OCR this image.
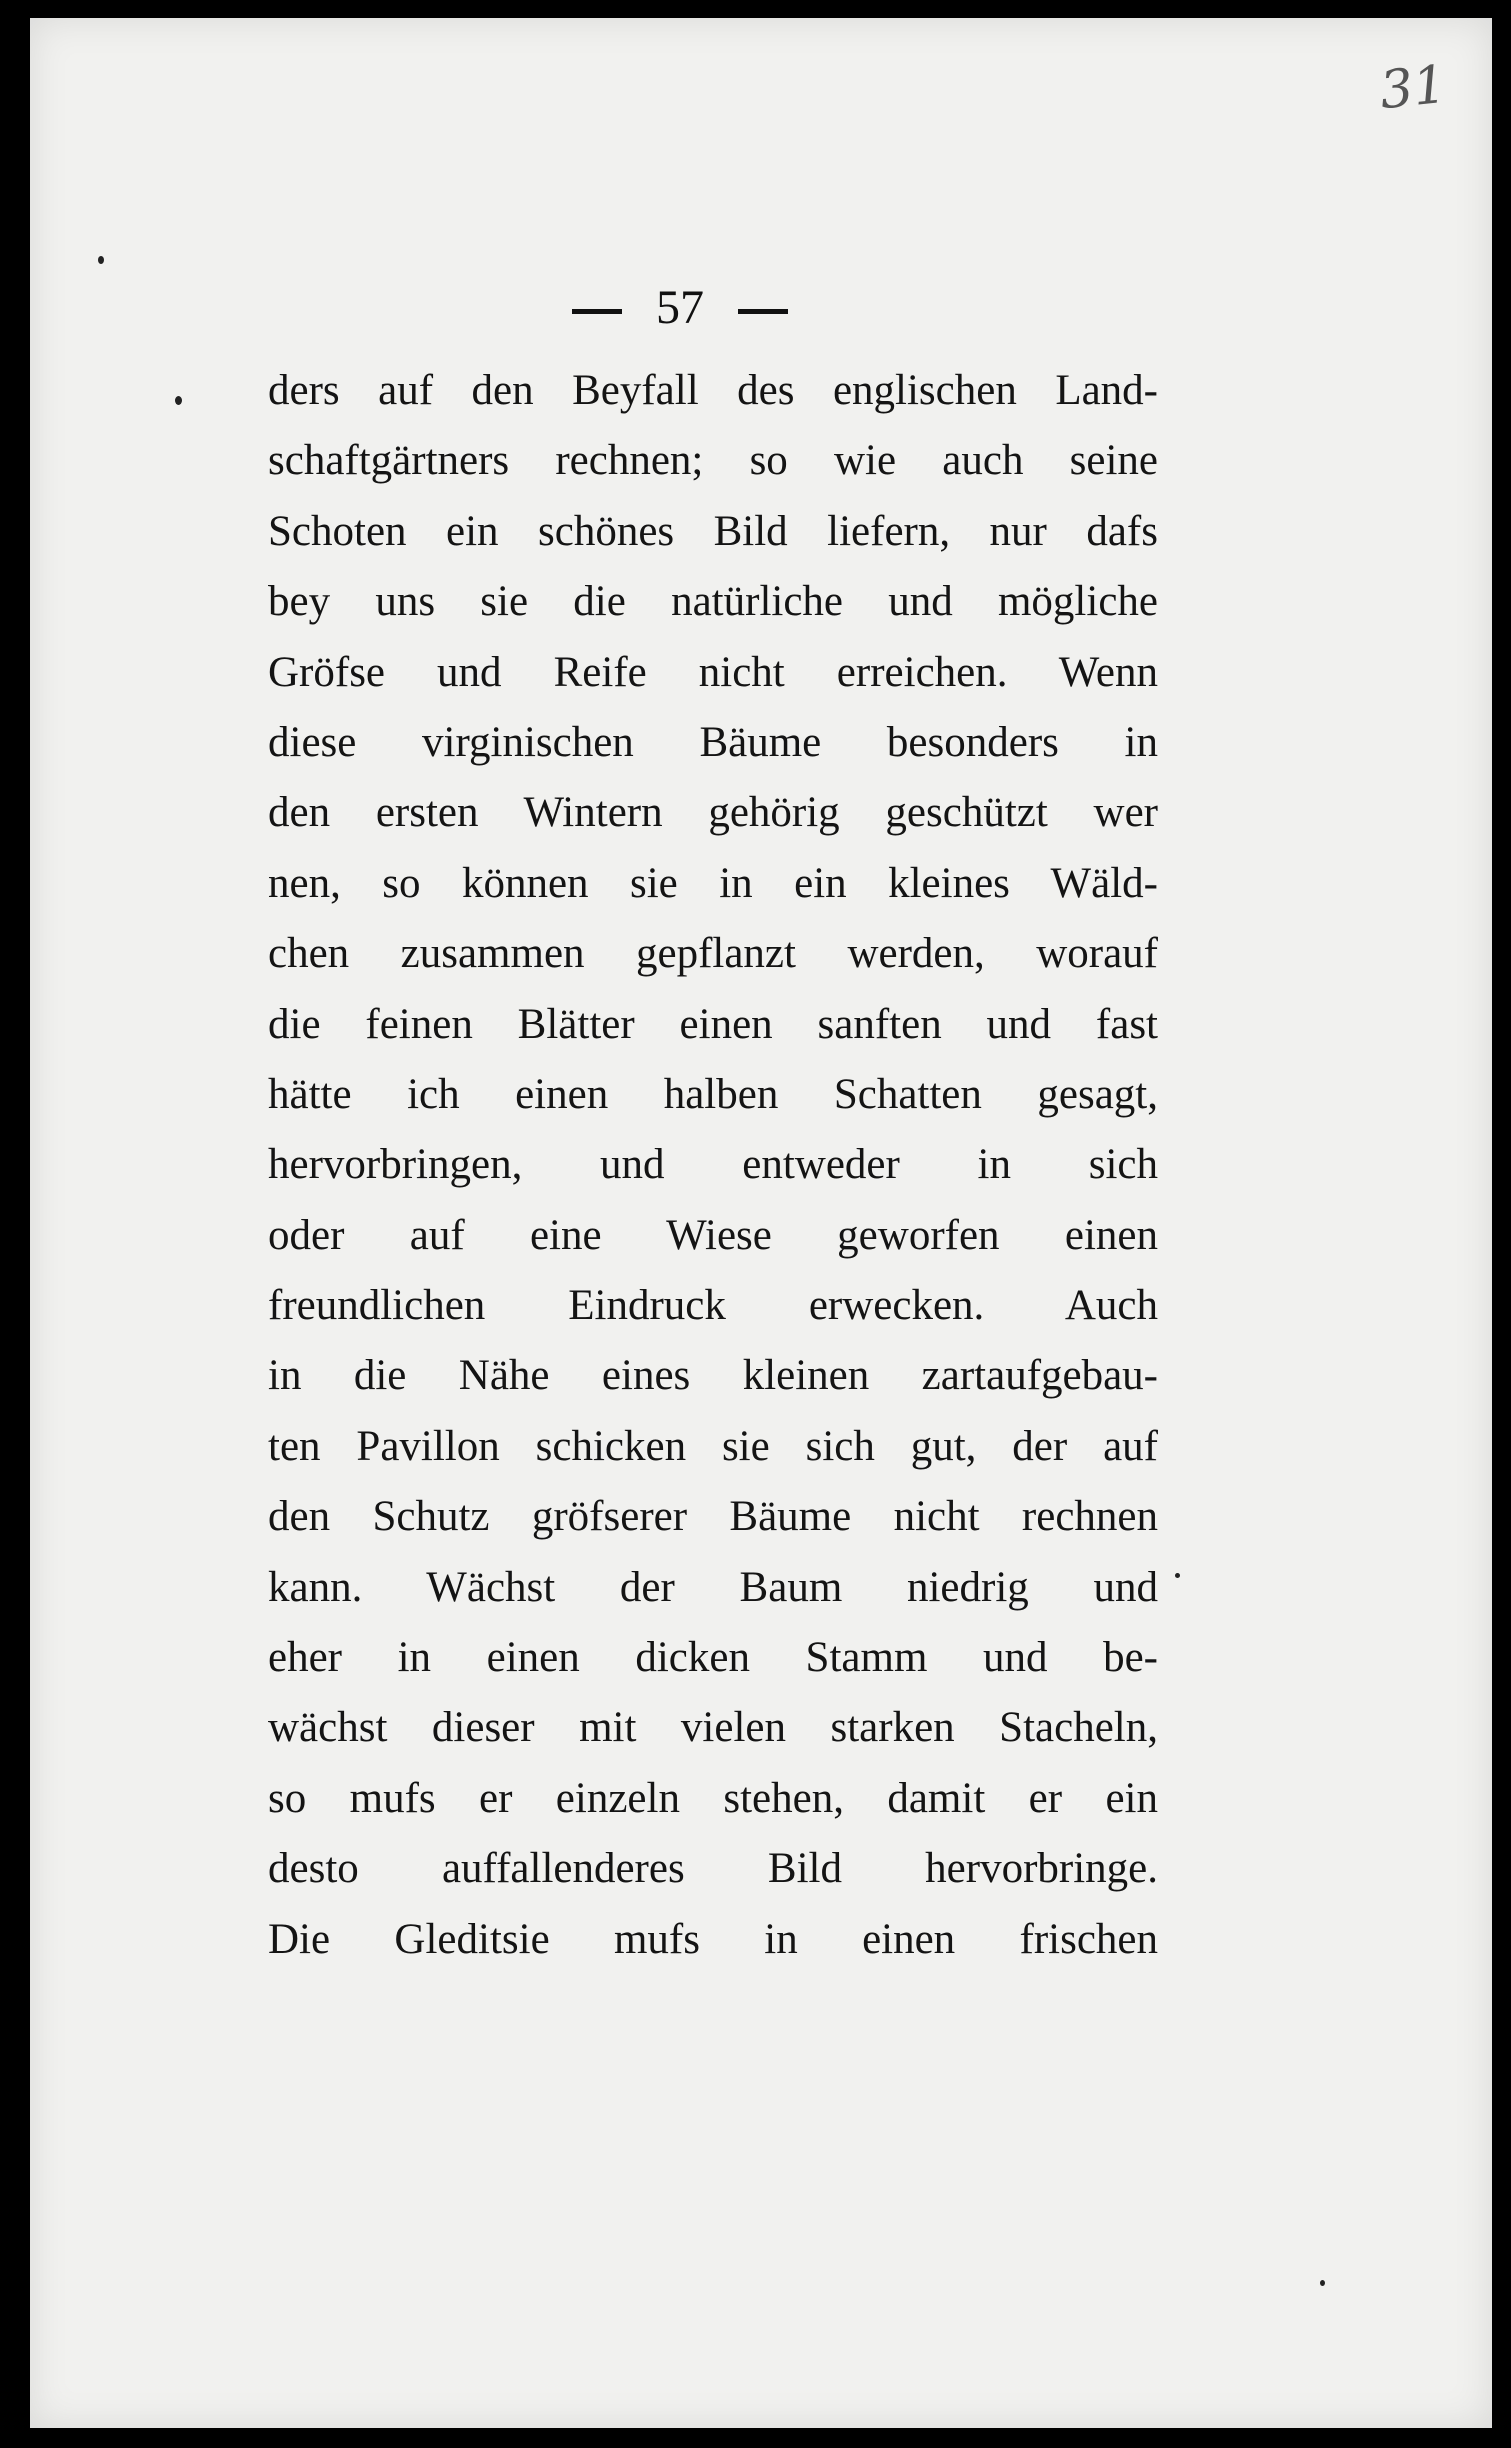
31
57
ders auf den Beyfall des englischen Land-
schaftgärtners rechnen; so wie auch seine
Schoten ein schönes Bild liefern, nur dafs
bey uns sie die natürliche und mögliche
Gröfse und Reife nicht erreichen. Wenn
diese virginischen Bäume besonders in
den ersten Wintern gehörig geschützt wer
nen, so können sie in ein kleines Wäld-
chen zusammen gepflanzt werden, worauf
die feinen Blätter einen sanften und fast
hätte ich einen halben Schatten gesagt,
hervorbringen, und entweder in sich
oder auf eine Wiese geworfen einen
freundlichen Eindruck erwecken. Auch
in die Nähe eines kleinen zartaufgebau-
ten Pavillon schicken sie sich gut, der auf
den Schutz gröfserer Bäume nicht rechnen
kann. Wächst der Baum niedrig und
eher in einen dicken Stamm und be-
wächst dieser mit vielen starken Stacheln,
so mufs er einzeln stehen, damit er ein
desto auffallenderes Bild hervorbringe.
Die Gleditsie mufs in einen frischen
